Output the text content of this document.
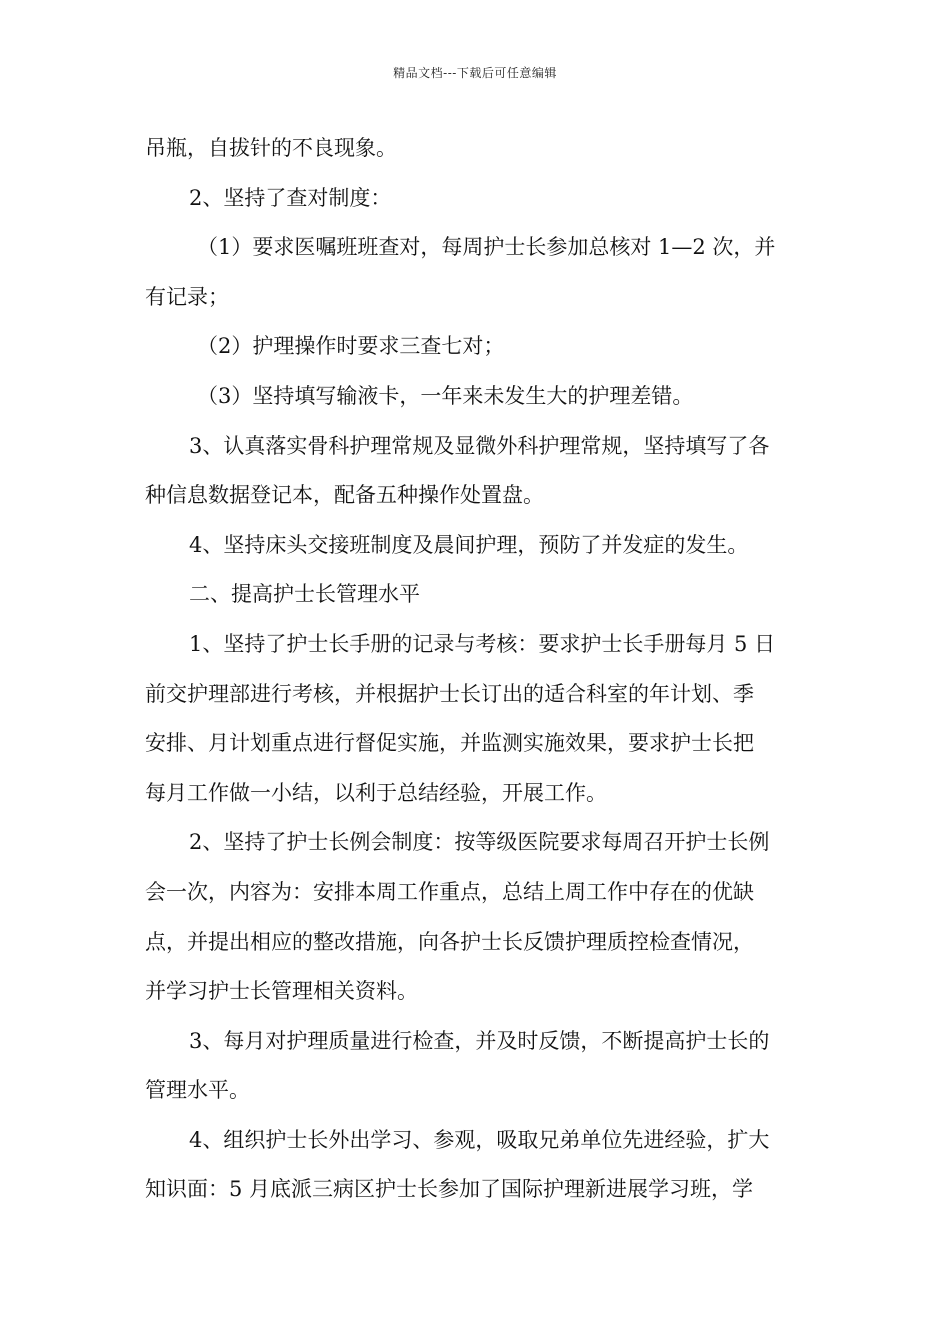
精品文档---下载后可任意编辑
吊瓶，自拔针的不良现象。
2、坚持了查对制度：
（1）要求医嘱班班查对，每周护士长参加总核对 1—2 次，并
有记录；
（2）护理操作时要求三查七对；
（3）坚持填写输液卡，一年来未发生大的护理差错。
3、认真落实骨科护理常规及显微外科护理常规，坚持填写了各
种信息数据登记本，配备五种操作处置盘。
4、坚持床头交接班制度及晨间护理，预防了并发症的发生。
二、提高护士长管理水平
1、坚持了护士长手册的记录与考核：要求护士长手册每月 5 日
前交护理部进行考核，并根据护士长订出的适合科室的年计划、季
安排、月计划重点进行督促实施，并监测实施效果，要求护士长把
每月工作做一小结，以利于总结经验，开展工作。
2、坚持了护士长例会制度：按等级医院要求每周召开护士长例
会一次，内容为：安排本周工作重点，总结上周工作中存在的优缺
点，并提出相应的整改措施，向各护士长反馈护理质控检查情况，
并学习护士长管理相关资料。
3、每月对护理质量进行检查，并及时反馈，不断提高护士长的
管理水平。
4、组织护士长外出学习、参观，吸取兄弟单位先进经验，扩大
知识面：5 月底派三病区护士长参加了国际护理新进展学习班，学
